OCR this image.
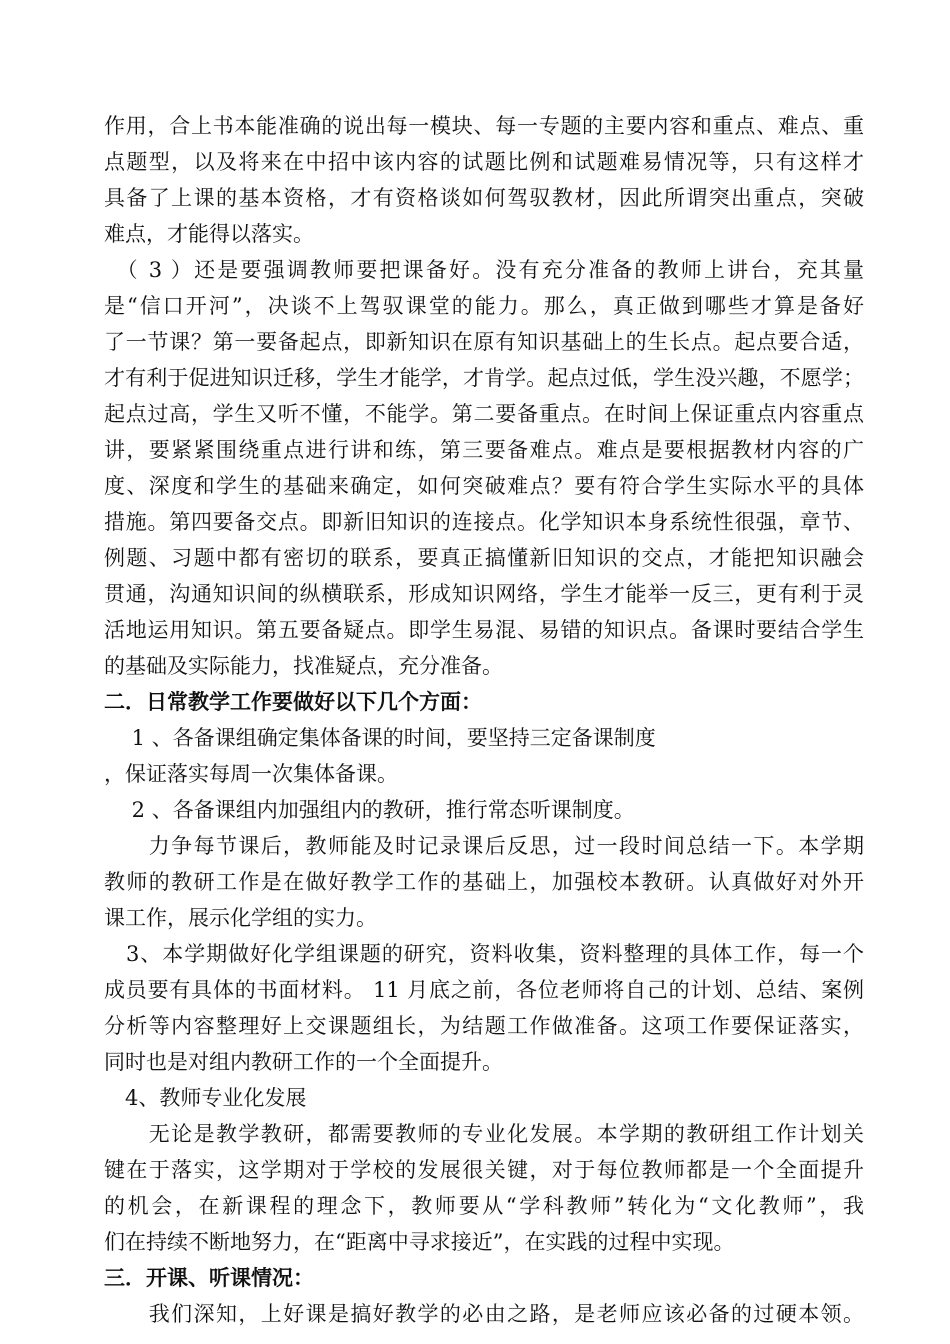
作用，合上书本能准确的说出每一模块、每一专题的主要内容和重点、难点、重
点题型，以及将来在中招中该内容的试题比例和试题难易情况等，只有这样才
具备了上课的基本资格，才有资格谈如何驾驭教材，因此所谓突出重点，突破
难点，才能得以落实。
　（ 3 ）还是要强调教师要把课备好。没有充分准备的教师上讲台，充其量
是“信口开河”，决谈不上驾驭课堂的能力。那么，真正做到哪些才算是备好
了一节课？第一要备起点，即新知识在原有知识基础上的生长点。起点要合适，
才有利于促进知识迁移，学生才能学，才肯学。起点过低，学生没兴趣，不愿学；
起点过高，学生又听不懂，不能学。第二要备重点。在时间上保证重点内容重点
讲，要紧紧围绕重点进行讲和练，第三要备难点。难点是要根据教材内容的广
度、深度和学生的基础来确定，如何突破难点？要有符合学生实际水平的具体
措施。第四要备交点。即新旧知识的连接点。化学知识本身系统性很强，章节、
例题、习题中都有密切的联系，要真正搞懂新旧知识的交点，才能把知识融会
贯通，沟通知识间的纵横联系，形成知识网络，学生才能举一反三，更有利于灵
活地运用知识。第五要备疑点。即学生易混、易错的知识点。备课时要结合学生
的基础及实际能力，找准疑点，充分准备。
二．日常教学工作要做好以下几个方面：
　 1 、各备课组确定集体备课的时间，要坚持三定备课制度
，保证落实每周一次集体备课。
　 2 、各备课组内加强组内的教研，推行常态听课制度。
　　力争每节课后，教师能及时记录课后反思，过一段时间总结一下。本学期
教师的教研工作是在做好教学工作的基础上，加强校本教研。认真做好对外开
课工作，展示化学组的实力。
　3、本学期做好化学组课题的研究，资料收集，资料整理的具体工作，每一个
成员要有具体的书面材料。 11 月底之前，各位老师将自己的计划、总结、案例
分析等内容整理好上交课题组长，为结题工作做准备。这项工作要保证落实，
同时也是对组内教研工作的一个全面提升。
　4、教师专业化发展
　　无论是教学教研，都需要教师的专业化发展。本学期的教研组工作计划关
键在于落实，这学期对于学校的发展很关键，对于每位教师都是一个全面提升
的机会，在新课程的理念下，教师要从“学科教师”转化为“文化教师”，我
们在持续不断地努力，在“距离中寻求接近”，在实践的过程中实现。
三．开课、听课情况：
　　我们深知，上好课是搞好教学的必由之路，是老师应该必备的过硬本领。
